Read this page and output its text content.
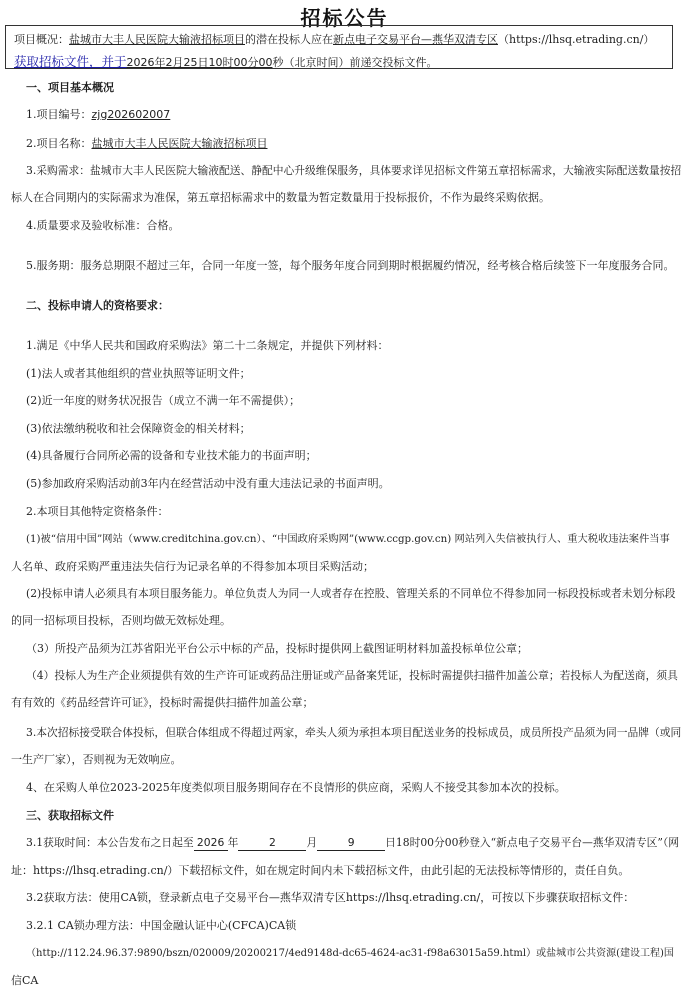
招标公告
项目概况：盐城市大丰人民医院大输液招标项目的潜在投标人应在新点电子交易平台—燕华双清专区（https://lhsq.etrading.cn/）获取招标文件，并于2026年2月25日10时00分00秒（北京时间）前递交投标文件。
一、项目基本概况
1.项目编号：zjg202602007
2.项目名称：盐城市大丰人民医院大输液招标项目
3.采购需求：盐城市大丰人民医院大输液配送、静配中心升级维保服务，具体要求详见招标文件第五章招标需求，大输液实际配送数量按招
标人在合同期内的实际需求为准保，第五章招标需求中的数量为暂定数量用于投标报价，不作为最终采购依据。
4.质量要求及验收标准：合格。
5.服务期：服务总期限不超过三年，合同一年度一签，每个服务年度合同到期时根据履约情况，经考核合格后续签下一年度服务合同。
二、投标申请人的资格要求：
1.满足《中华人民共和国政府采购法》第二十二条规定，并提供下列材料：
(1)法人或者其他组织的营业执照等证明文件；
(2)近一年度的财务状况报告（成立不满一年不需提供）；
(3)依法缴纳税收和社会保障资金的相关材料；
(4)具备履行合同所必需的设备和专业技术能力的书面声明；
(5)参加政府采购活动前3年内在经营活动中没有重大违法记录的书面声明。
2.本项目其他特定资格条件：
(1)被“信用中国”网站（www.creditchina.gov.cn）、“中国政府采购网”(www.ccgp.gov.cn) 网站列入失信被执行人、重大税收违法案件当事
人名单、政府采购严重违法失信行为记录名单的不得参加本项目采购活动；
(2)投标申请人必须具有本项目服务能力。单位负责人为同一人或者存在控股、管理关系的不同单位不得参加同一标段投标或者未划分标段
的同一招标项目投标，否则均做无效标处理。
（3）所投产品须为江苏省阳光平台公示中标的产品，投标时提供网上截图证明材料加盖投标单位公章；
（4）投标人为生产企业须提供有效的生产许可证或药品注册证或产品备案凭证，投标时需提供扫描件加盖公章；若投标人为配送商，须具
有有效的《药品经营许可证》，投标时需提供扫描件加盖公章；
3.本次招标接受联合体投标，但联合体组成不得超过两家，牵头人须为承担本项目配送业务的投标成员，成员所投产品须为同一品牌（或同
一生产厂家），否则视为无效响应。
4、在采购人单位2023-2025年度类似项目服务期间存在不良情形的供应商，采购人不接受其参加本次的投标。
三、获取招标文件
3.1获取时间：本公告发布之日起至 2026 年	2	月	9	日18时00分00秒登入“新点电子交易平台—燕华双清专区”（网
址：https://lhsq.etrading.cn/）下载招标文件，如在规定时间内未下载招标文件，由此引起的无法投标等情形的，责任自负。
3.2获取方法：使用CA锁，登录新点电子交易平台—燕华双清专区https://lhsq.etrading.cn/，可按以下步骤获取招标文件：
3.2.1 CA锁办理方法：中国金融认证中心(CFCA)CA锁
（http://112.24.96.37:9890/bszn/020009/20200217/4ed9148d-dc65-4624-ac31-f98a63015a59.html）或盐城市公共资源(建设工程)国
信CA
